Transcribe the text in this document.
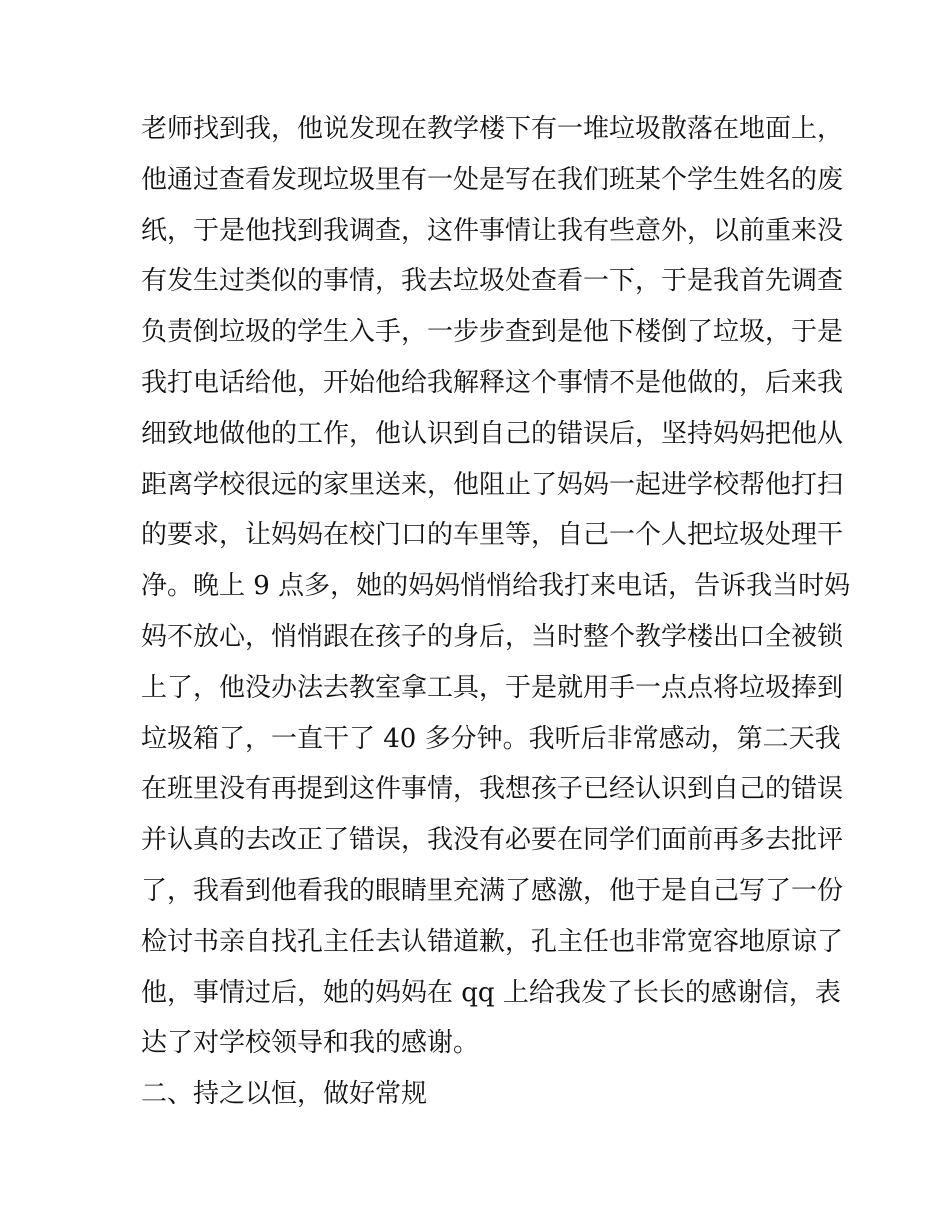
老师找到我，他说发现在教学楼下有一堆垃圾散落在地面上，
他通过查看发现垃圾里有一处是写在我们班某个学生姓名的废
纸，于是他找到我调查，这件事情让我有些意外，以前重来没
有发生过类似的事情，我去垃圾处查看一下，于是我首先调查
负责倒垃圾的学生入手，一步步查到是他下楼倒了垃圾，于是
我打电话给他，开始他给我解释这个事情不是他做的，后来我
细致地做他的工作，他认识到自己的错误后，坚持妈妈把他从
距离学校很远的家里送来，他阻止了妈妈一起进学校帮他打扫
的要求，让妈妈在校门口的车里等，自己一个人把垃圾处理干
净。晚上 9 点多，她的妈妈悄悄给我打来电话，告诉我当时妈
妈不放心，悄悄跟在孩子的身后，当时整个教学楼出口全被锁
上了，他没办法去教室拿工具，于是就用手一点点将垃圾捧到
垃圾箱了，一直干了 40 多分钟。我听后非常感动，第二天我
在班里没有再提到这件事情，我想孩子已经认识到自己的错误
并认真的去改正了错误，我没有必要在同学们面前再多去批评
了，我看到他看我的眼睛里充满了感激，他于是自己写了一份
检讨书亲自找孔主任去认错道歉，孔主任也非常宽容地原谅了
他，事情过后，她的妈妈在 qq 上给我发了长长的感谢信，表
达了对学校领导和我的感谢。
二、持之以恒，做好常规
